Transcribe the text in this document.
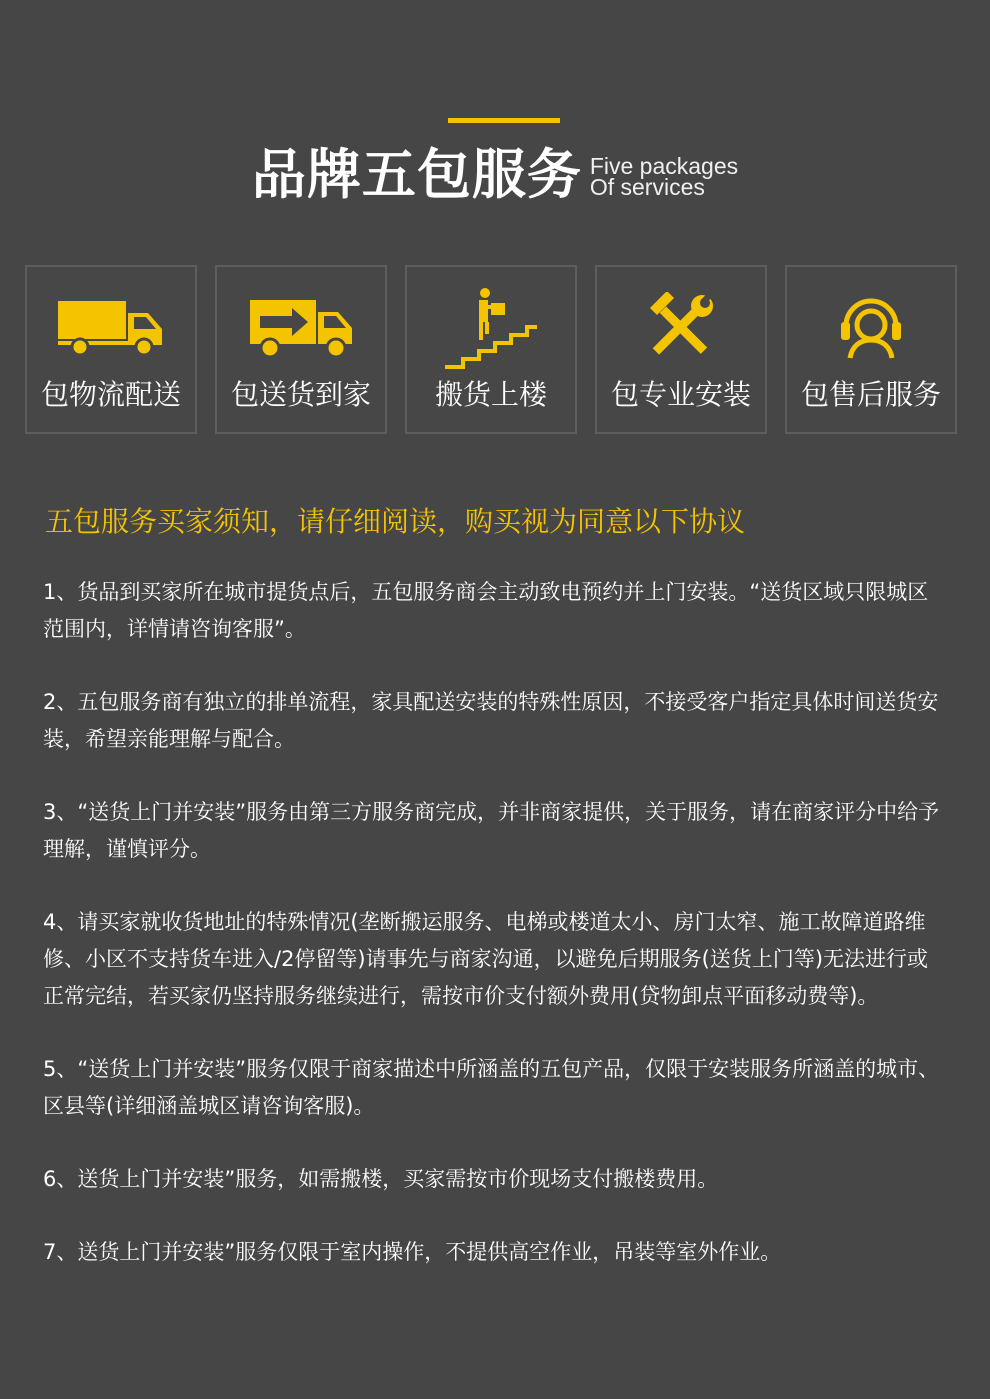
品牌五包服务 Five packages
Of services
包物流配送	包送货到家	搬货上楼	包专业安装	包售后服务
五包服务买家须知，请仔细阅读，购买视为同意以下协议
1、货品到买家所在城市提货点后，五包服务商会主动致电预约并上门安装。“送货区域只限城区范围内，详情请咨询客服”。
2、五包服务商有独立的排单流程，家具配送安装的特殊性原因，不接受客户指定具体时间送货安装，希望亲能理解与配合。
3、“送货上门并安装”服务由第三方服务商完成，并非商家提供，关于服务，请在商家评分中给予理解，谨慎评分。
4、请买家就收货地址的特殊情况(垄断搬运服务、电梯或楼道太小、房门太窄、施工故障道路维修、小区不支持货车进入/2停留等)请事先与商家沟通，以避免后期服务(送货上门等)无法进行或正常完结，若买家仍坚持服务继续进行，需按市价支付额外费用(贷物卸点平面移动费等)。
5、“送货上门并安装”服务仅限于商家描述中所涵盖的五包产品，仅限于安装服务所涵盖的城市、区县等(详细涵盖城区请咨询客服)。
6、送货上门并安装”服务，如需搬楼，买家需按市价现场支付搬楼费用。
7、送货上门并安装”服务仅限于室内操作，不提供高空作业，吊装等室外作业。
